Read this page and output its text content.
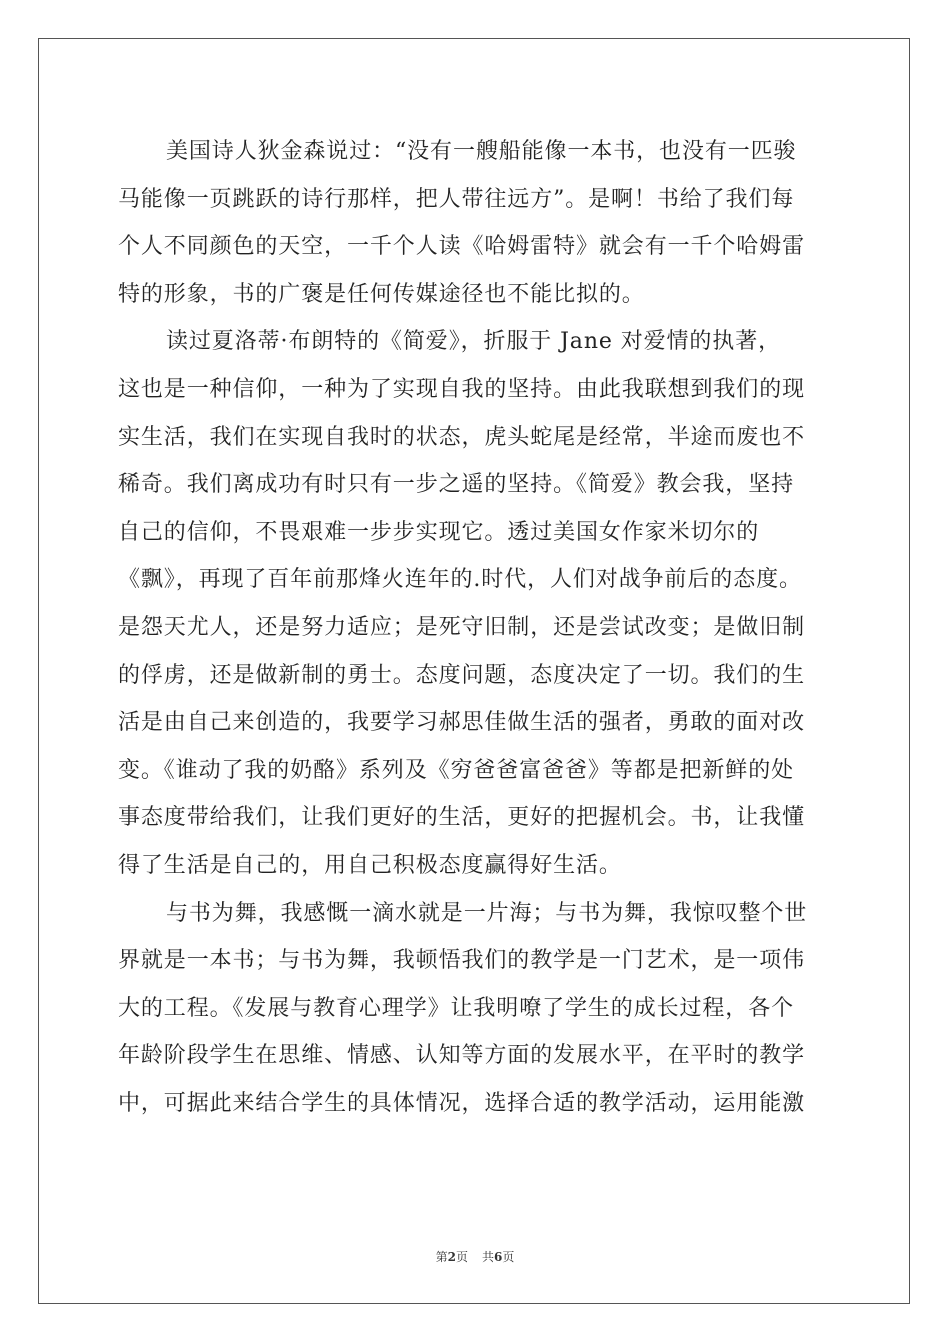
美国诗人狄金森说过：“没有一艘船能像一本书，也没有一匹骏
马能像一页跳跃的诗行那样，把人带往远方”。是啊！书给了我们每
个人不同颜色的天空，一千个人读《哈姆雷特》就会有一千个哈姆雷
特的形象，书的广褒是任何传媒途径也不能比拟的。
读过夏洛蒂·布朗特的《简爱》，折服于 Jane 对爱情的执著，
这也是一种信仰，一种为了实现自我的坚持。由此我联想到我们的现
实生活，我们在实现自我时的状态，虎头蛇尾是经常，半途而废也不
稀奇。我们离成功有时只有一步之遥的坚持。《简爱》教会我，坚持
自己的信仰，不畏艰难一步步实现它。透过美国女作家米切尔的
《飘》，再现了百年前那烽火连年的.时代，人们对战争前后的态度。
是怨天尤人，还是努力适应；是死守旧制，还是尝试改变；是做旧制
的俘虏，还是做新制的勇士。态度问题，态度决定了一切。我们的生
活是由自己来创造的，我要学习郝思佳做生活的强者，勇敢的面对改
变。《谁动了我的奶酪》系列及《穷爸爸富爸爸》等都是把新鲜的处
事态度带给我们，让我们更好的生活，更好的把握机会。书，让我懂
得了生活是自己的，用自己积极态度赢得好生活。
与书为舞，我感慨一滴水就是一片海；与书为舞，我惊叹整个世
界就是一本书；与书为舞，我顿悟我们的教学是一门艺术，是一项伟
大的工程。《发展与教育心理学》让我明嘹了学生的成长过程，各个
年龄阶段学生在思维、情感、认知等方面的发展水平，在平时的教学
中，可据此来结合学生的具体情况，选择合适的教学活动，运用能激
第2页 共6页
